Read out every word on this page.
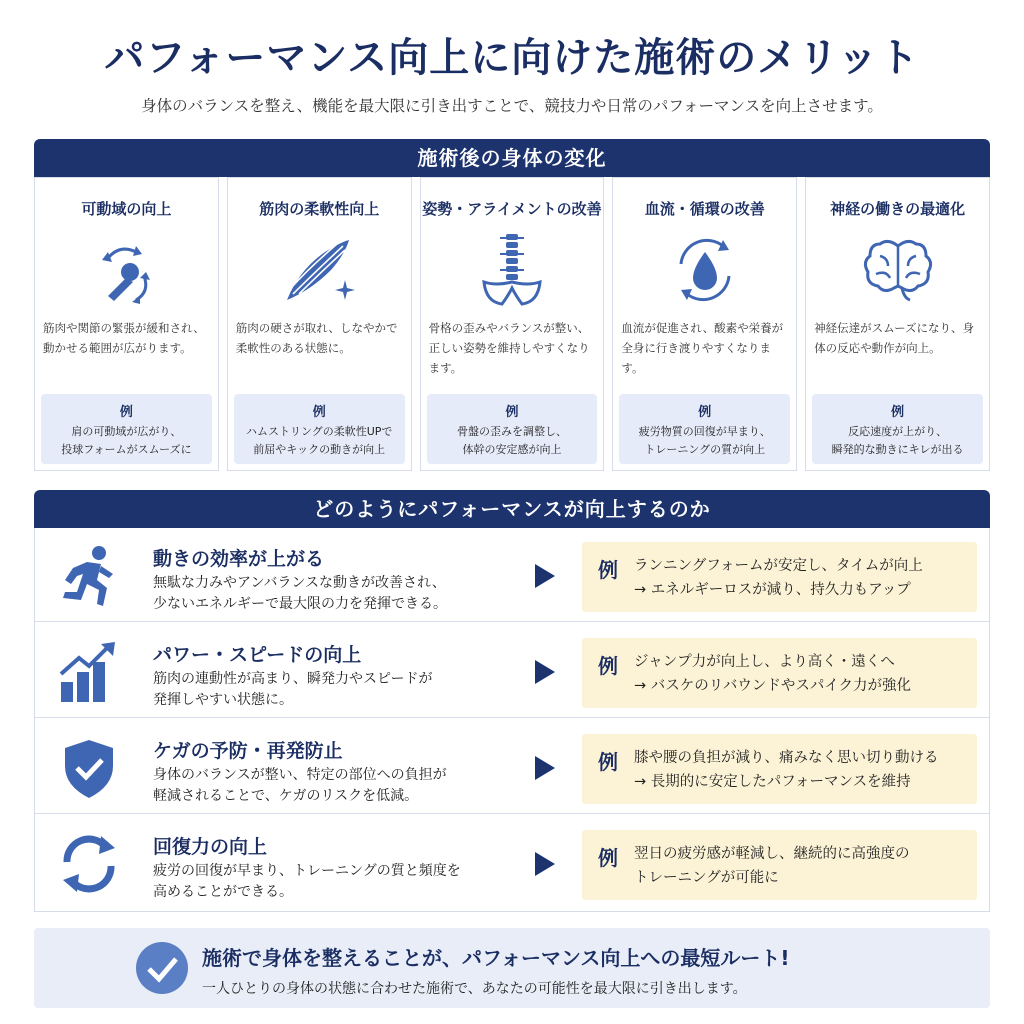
パフォーマンス向上に向けた施術のメリット
身体のバランスを整え、機能を最大限に引き出すことで、競技力や日常のパフォーマンスを向上させます。
施術後の身体の変化
可動域の向上
筋肉や関節の緊張が緩和され、動かせる範囲が広がります。
例
肩の可動域が広がり、
投球フォームがスムーズに
筋肉の柔軟性向上
筋肉の硬さが取れ、しなやかで柔軟性のある状態に。
例
ハムストリングの柔軟性UPで
前屈やキックの動きが向上
姿勢・アライメントの改善
骨格の歪みやバランスが整い、正しい姿勢を維持しやすくなります。
例
骨盤の歪みを調整し、
体幹の安定感が向上
血流・循環の改善
血流が促進され、酸素や栄養が全身に行き渡りやすくなります。
例
疲労物質の回復が早まり、
トレーニングの質が向上
神経の働きの最適化
神経伝達がスムーズになり、身体の反応や動作が向上。
例
反応速度が上がり、
瞬発的な動きにキレが出る
どのようにパフォーマンスが向上するのか
動きの効率が上がる
無駄な力みやアンバランスな動きが改善され、
少ないエネルギーで最大限の力を発揮できる。
例 ランニングフォームが安定し、タイムが向上
→ エネルギーロスが減り、持久力もアップ
パワー・スピードの向上
筋肉の連動性が高まり、瞬発力やスピードが
発揮しやすい状態に。
例 ジャンプ力が向上し、より高く・遠くへ
→ バスケのリバウンドやスパイク力が強化
ケガの予防・再発防止
身体のバランスが整い、特定の部位への負担が
軽減されることで、ケガのリスクを低減。
例 膝や腰の負担が減り、痛みなく思い切り動ける
→ 長期的に安定したパフォーマンスを維持
回復力の向上
疲労の回復が早まり、トレーニングの質と頻度を
高めることができる。
例 翌日の疲労感が軽減し、継続的に高強度の
トレーニングが可能に
施術で身体を整えることが、パフォーマンス向上への最短ルート!
一人ひとりの身体の状態に合わせた施術で、あなたの可能性を最大限に引き出します。
